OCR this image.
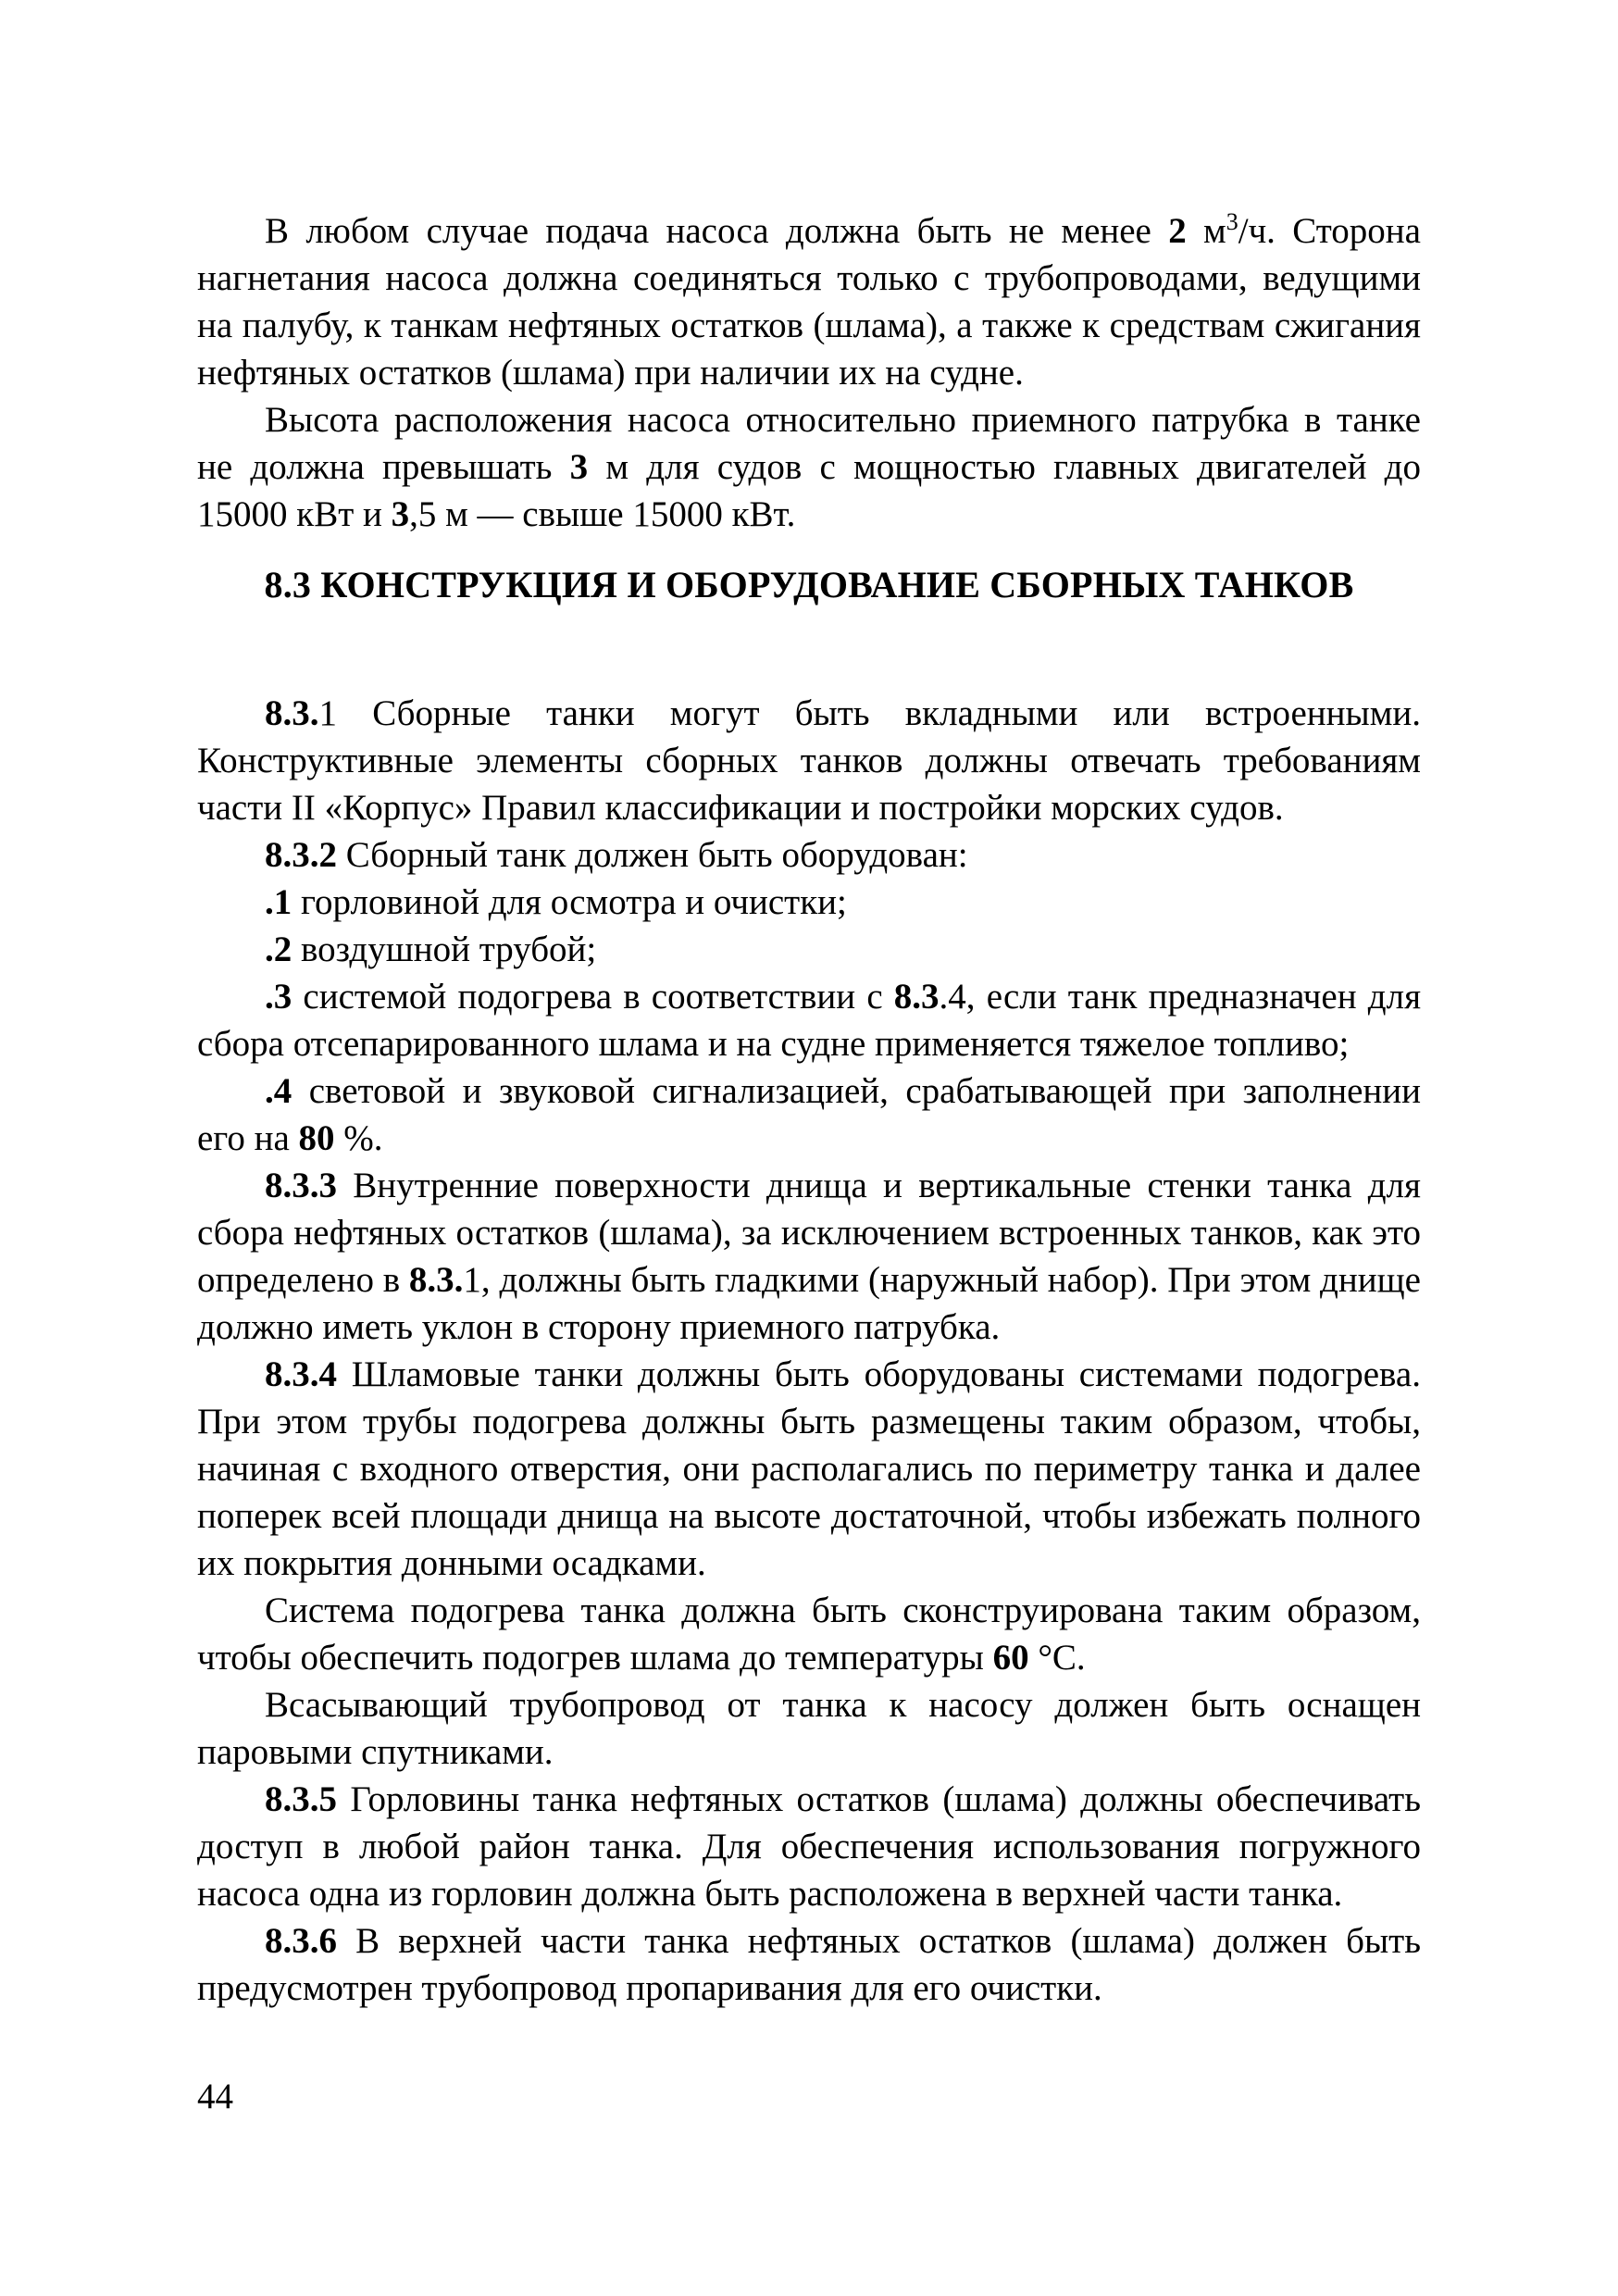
В любом случае подача насоса должна быть не менее 2 $м^3/ч$. Сторона нагнетания насоса должна соединяться только с трубопроводами, ведущими на палубу, к танкам нефтяных остатков (шлама), а также к средствам сжигания нефтяных остатков (шлама) при наличии их на судне.

Высота расположения насоса относительно приемного патрубка в танке не должна превышать 3 м для судов с мощностью главных двигателей до 15000 кВт и 3,5 м — свыше 15000 кВт.

8.3 КОНСТРУКЦИЯ И ОБОРУДОВАНИЕ СБОРНЫХ ТАНКОВ

8.3.1 Сборные танки могут быть вкладными или встроенными. Конструктивные элементы сборных танков должны отвечать требованиям части II «Корпус» Правил классификации и постройки морских судов.

8.3.2 Сборный танк должен быть оборудован:

.1 горловиной для осмотра и очистки;

.2 воздушной трубой;

.3 системой подогрева в соответствии с 8.3.4, если танк предназначен для сбора отсепарированного шлама и на судне применяется тяжелое топливо;

.4 световой и звуковой сигнализацией, срабатывающей при заполнении его на 80 %.

8.3.3 Внутренние поверхности днища и вертикальные стенки танка для сбора нефтяных остатков (шлама), за исключением встроенных танков, как это определено в 8.3.1, должны быть гладкими (наружный набор). При этом днище должно иметь уклон в сторону приемного патрубка.

8.3.4 Шламовые танки должны быть оборудованы системами подогрева. При этом трубы подогрева должны быть размещены таким образом, чтобы, начиная с входного отверстия, они располагались по периметру танка и далее поперек всей площади днища на высоте достаточной, чтобы избежать полного их покрытия донными осадками.

Система подогрева танка должна быть сконструирована таким образом, чтобы обеспечить подогрев шлама до температуры 60 °С.

Всасывающий трубопровод от танка к насосу должен быть оснащен паровыми спутниками.

8.3.5 Горловины танка нефтяных остатков (шлама) должны обеспечивать доступ в любой район танка. Для обеспечения использования погружного насоса одна из горловин должна быть расположена в верхней части танка.

8.3.6 В верхней части танка нефтяных остатков (шлама) должен быть предусмотрен трубопровод пропаривания для его очистки.

44
